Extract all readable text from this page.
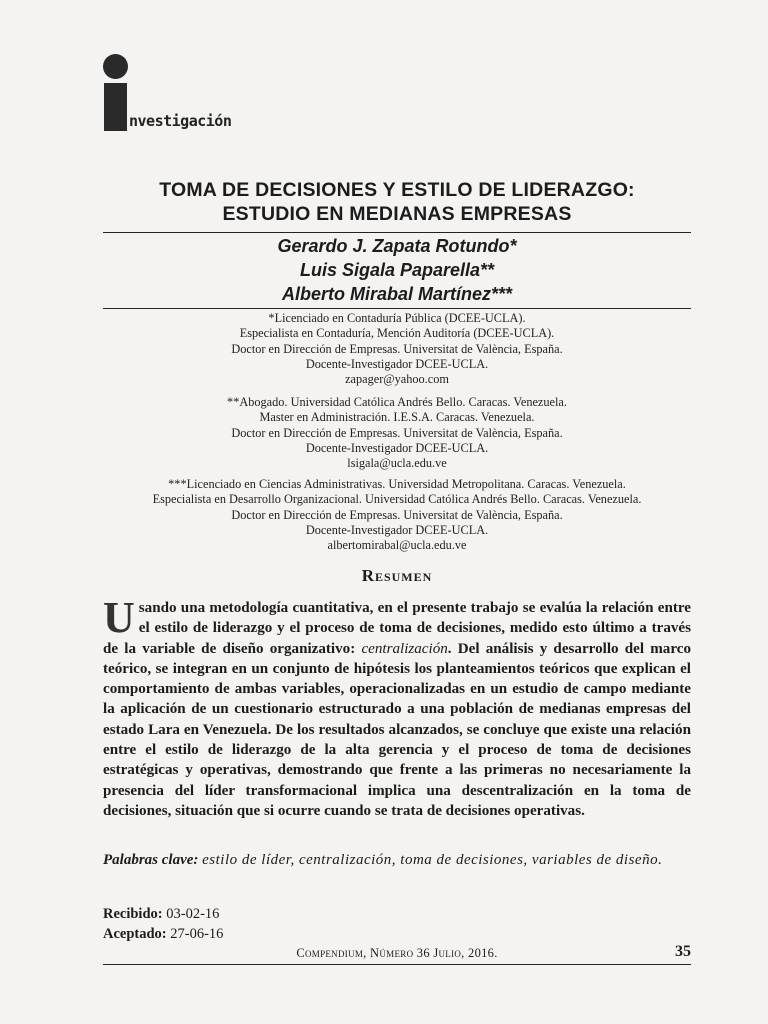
nvestigación
TOMA DE DECISIONES Y ESTILO DE LIDERAZGO:
ESTUDIO EN MEDIANAS EMPRESAS
Gerardo J. Zapata Rotundo*
Luis Sigala Paparella**
Alberto Mirabal Martínez***
*Licenciado en Contaduría Pública (DCEE-UCLA).
Especialista en Contaduría, Mención Auditoría (DCEE-UCLA).
Doctor en Dirección de Empresas. Universitat de València, España.
Docente-Investigador DCEE-UCLA.
zapager@yahoo.com
**Abogado. Universidad Católica Andrés Bello. Caracas. Venezuela.
Master en Administración. I.E.S.A. Caracas. Venezuela.
Doctor en Dirección de Empresas. Universitat de València, España.
Docente-Investigador DCEE-UCLA.
lsigala@ucla.edu.ve
***Licenciado en Ciencias Administrativas. Universidad Metropolitana. Caracas. Venezuela.
Especialista en Desarrollo Organizacional. Universidad Católica Andrés Bello. Caracas. Venezuela.
Doctor en Dirección de Empresas. Universitat de València, España.
Docente-Investigador DCEE-UCLA.
albertomirabal@ucla.edu.ve
Resumen

Usando una metodología cuantitativa, en el presente trabajo se evalúa la relación entre el estilo de liderazgo y el proceso de toma de decisiones, medido esto último a través de la variable de diseño organizativo: centralización. Del análisis y desarrollo del marco teórico, se integran en un conjunto de hipótesis los planteamientos teóricos que explican el comportamiento de ambas variables, operacionalizadas en un estudio de campo mediante la aplicación de un cuestionario estructurado a una población de medianas empresas del estado Lara en Venezuela. De los resultados alcanzados, se concluye que existe una relación entre el estilo de liderazgo de la alta gerencia y el proceso de toma de decisiones estratégicas y operativas, demostrando que frente a las primeras no necesariamente la presencia del líder transformacional implica una descentralización en la toma de decisiones, situación que si ocurre cuando se trata de decisiones operativas.

Palabras clave: estilo de líder, centralización, toma de decisiones, variables de diseño.
Recibido: 03-02-16
Aceptado: 27-06-16
Compendium, Número 36 Julio, 2016.	35
